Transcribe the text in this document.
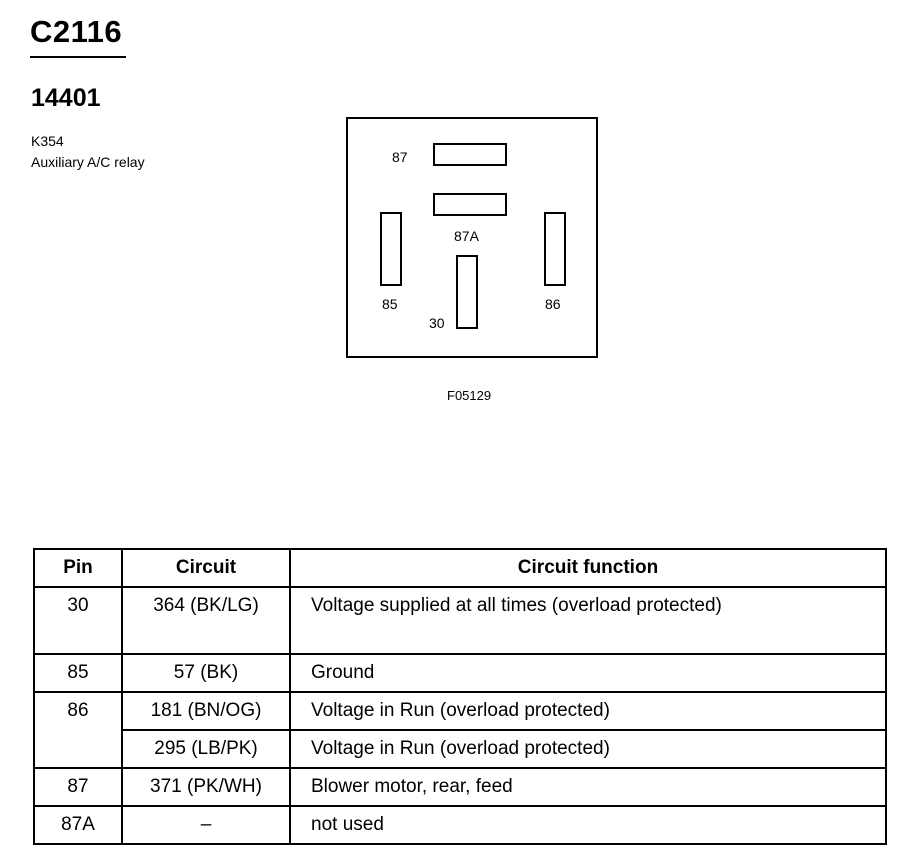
C2116
14401
K354
Auxiliary A/C relay	87
87A
85	86
30
F05129
Pin	Circuit	Circuit function
30	364 (BK/LG)	Voltage supplied at all times (overload protected)
85	57 (BK)	Ground
86	181 (BN/OG)	Voltage in Run (overload protected)
	295 (LB/PK)	Voltage in Run (overload protected)
87	371 (PK/WH)	Blower motor, rear, feed
87A	–	not used
